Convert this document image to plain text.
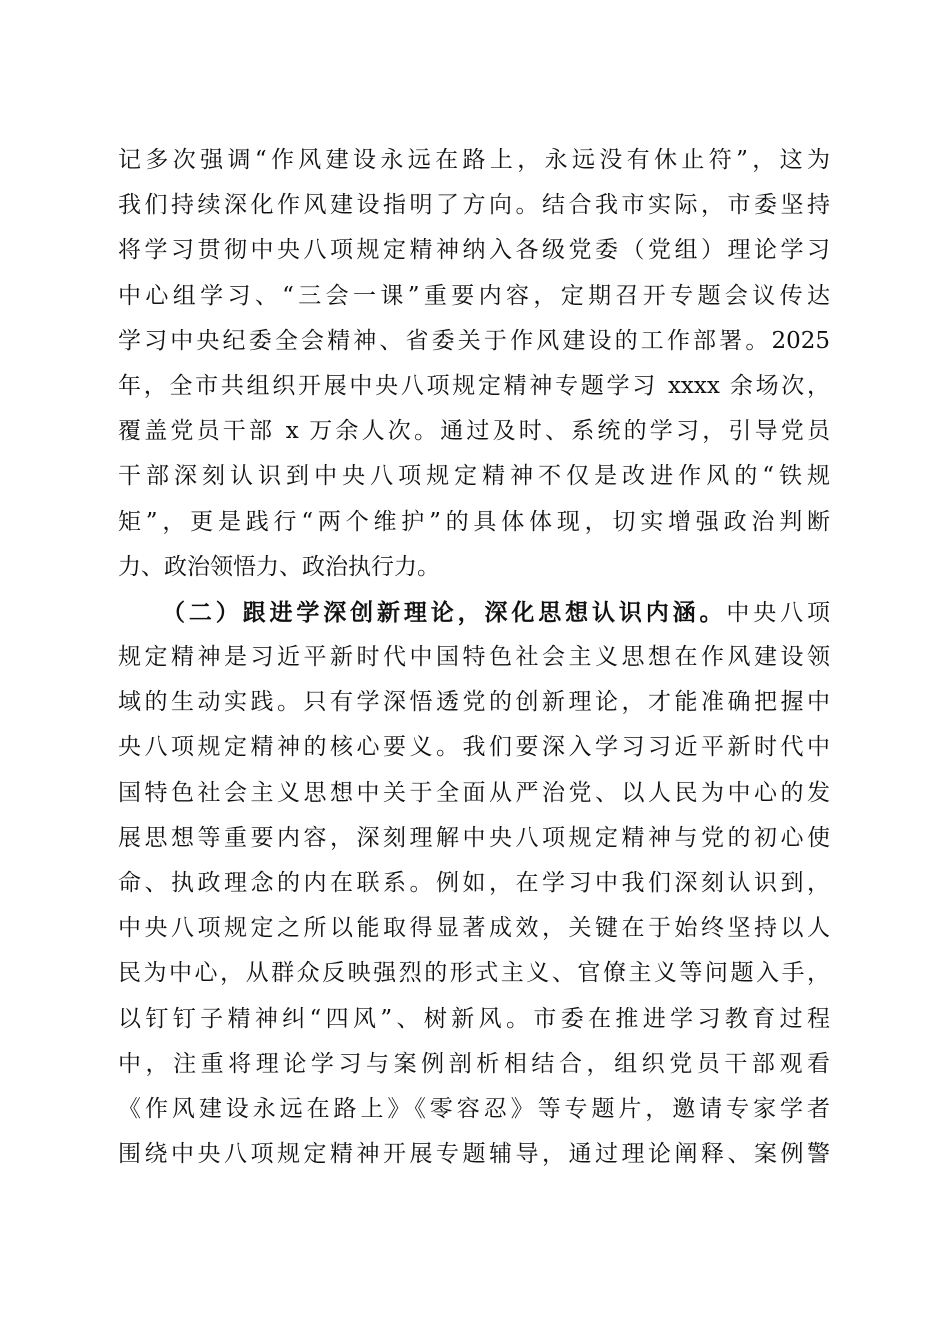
记多次强调“作风建设永远在路上，永远没有休止符”，这为
我们持续深化作风建设指明了方向。结合我市实际，市委坚持
将学习贯彻中央八项规定精神纳入各级党委（党组）理论学习
中心组学习、“三会一课”重要内容，定期召开专题会议传达
学习中央纪委全会精神、省委关于作风建设的工作部署。2025
年，全市共组织开展中央八项规定精神专题学习 xxxx 余场次，
覆盖党员干部 x 万余人次。通过及时、系统的学习，引导党员
干部深刻认识到中央八项规定精神不仅是改进作风的“铁规
矩”，更是践行“两个维护”的具体体现，切实增强政治判断
力、政治领悟力、政治执行力。
（二）跟进学深创新理论，深化思想认识内涵。中央八项
规定精神是习近平新时代中国特色社会主义思想在作风建设领
域的生动实践。只有学深悟透党的创新理论，才能准确把握中
央八项规定精神的核心要义。我们要深入学习习近平新时代中
国特色社会主义思想中关于全面从严治党、以人民为中心的发
展思想等重要内容，深刻理解中央八项规定精神与党的初心使
命、执政理念的内在联系。例如，在学习中我们深刻认识到，
中央八项规定之所以能取得显著成效，关键在于始终坚持以人
民为中心，从群众反映强烈的形式主义、官僚主义等问题入手，
以钉钉子精神纠“四风”、树新风。市委在推进学习教育过程
中，注重将理论学习与案例剖析相结合，组织党员干部观看
《作风建设永远在路上》《零容忍》等专题片，邀请专家学者
围绕中央八项规定精神开展专题辅导，通过理论阐释、案例警
